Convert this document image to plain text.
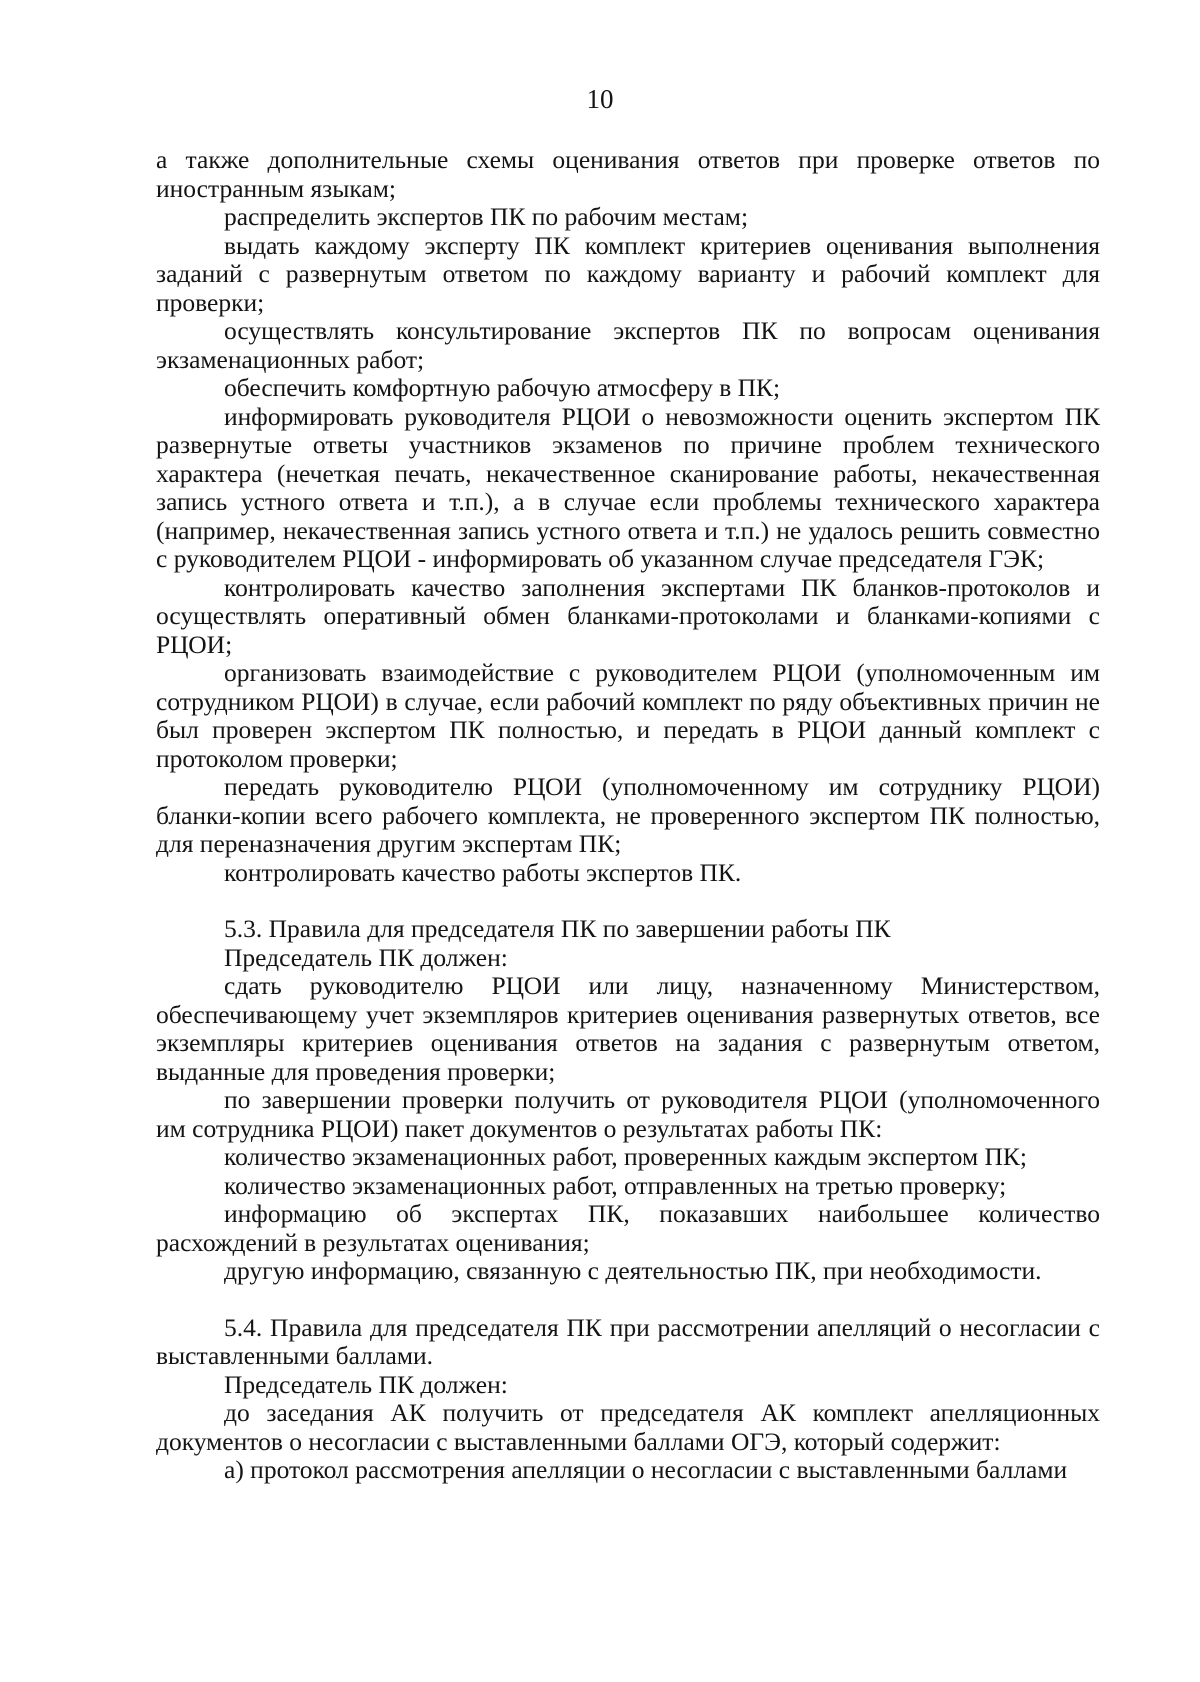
10

а также дополнительные схемы оценивания ответов при проверке ответов по иностранным языкам;

распределить экспертов ПК по рабочим местам;

выдать каждому эксперту ПК комплект критериев оценивания выполнения заданий с развернутым ответом по каждому варианту и рабочий комплект для проверки;

осуществлять консультирование экспертов ПК по вопросам оценивания экзаменационных работ;

обеспечить комфортную рабочую атмосферу в ПК;

информировать руководителя РЦОИ о невозможности оценить экспертом ПК развернутые ответы участников экзаменов по причине проблем технического характера (нечеткая печать, некачественное сканирование работы, некачественная запись устного ответа и т.п.), а в случае если проблемы технического характера (например, некачественная запись устного ответа и т.п.) не удалось решить совместно с руководителем РЦОИ - информировать об указанном случае председателя ГЭК;

контролировать качество заполнения экспертами ПК бланков-протоколов и осуществлять оперативный обмен бланками-протоколами и бланками-копиями с РЦОИ;

организовать взаимодействие с руководителем РЦОИ (уполномоченным им сотрудником РЦОИ) в случае, если рабочий комплект по ряду объективных причин не был проверен экспертом ПК полностью, и передать в РЦОИ данный комплект с протоколом проверки;

передать руководителю РЦОИ (уполномоченному им сотруднику РЦОИ) бланки-копии всего рабочего комплекта, не проверенного экспертом ПК полностью, для переназначения другим экспертам ПК;

контролировать качество работы экспертов ПК.

5.3. Правила для председателя ПК по завершении работы ПК

Председатель ПК должен:

сдать руководителю РЦОИ или лицу, назначенному Министерством, обеспечивающему учет экземпляров критериев оценивания развернутых ответов, все экземпляры критериев оценивания ответов на задания с развернутым ответом, выданные для проведения проверки;

по завершении проверки получить от руководителя РЦОИ (уполномоченного им сотрудника РЦОИ) пакет документов о результатах работы ПК:

количество экзаменационных работ, проверенных каждым экспертом ПК;

количество экзаменационных работ, отправленных на третью проверку;

информацию об экспертах ПК, показавших наибольшее количество расхождений в результатах оценивания;

другую информацию, связанную с деятельностью ПК, при необходимости.

5.4. Правила для председателя ПК при рассмотрении апелляций о несогласии с выставленными баллами.

Председатель ПК должен:

до заседания АК получить от председателя АК комплект апелляционных документов о несогласии с выставленными баллами ОГЭ, который содержит:

а) протокол рассмотрения апелляции о несогласии с выставленными баллами
